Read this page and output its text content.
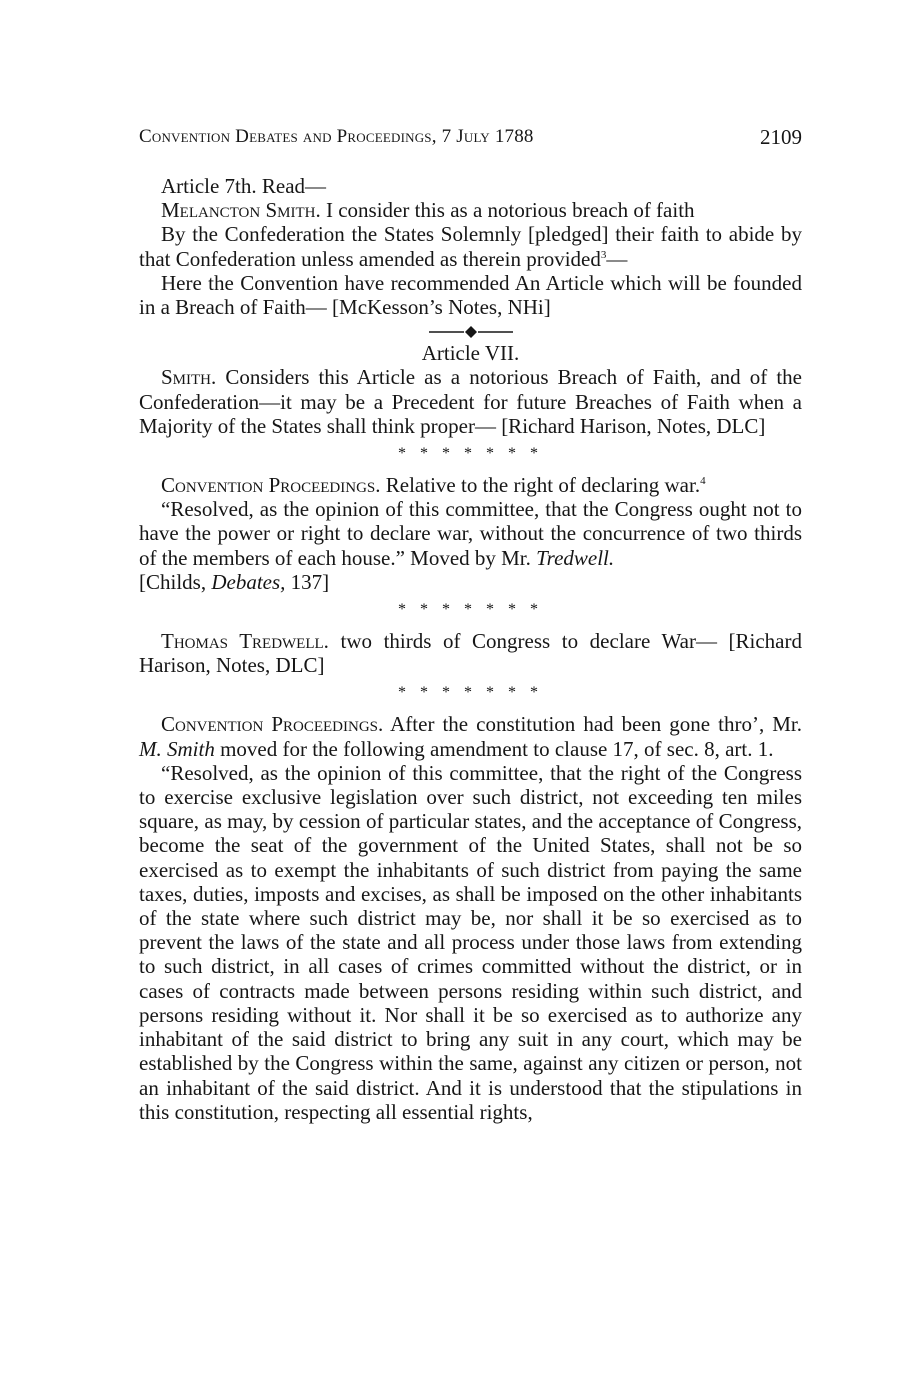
Convention Debates and Proceedings, 7 July 1788	2109

Article 7th. Read—

Melancton Smith. I consider this as a notorious breach of faith

By the Confederation the States Solemnly [pledged] their faith to abide by that Confederation unless amended as therein provided$^3$—

Here the Convention have recommended An Article which will be founded in a Breach of Faith— [McKesson’s Notes, NHi]

Article VII.

Smith. Considers this Article as a notorious Breach of Faith, and of the Confederation—it may be a Precedent for future Breaches of Faith when a Majority of the States shall think proper— [Richard Harison, Notes, DLC]

* * * * * * *

Convention Proceedings. Relative to the right of declaring war.$^4$

“Resolved, as the opinion of this committee, that the Congress ought not to have the power or right to declare war, without the concurrence of two thirds of the members of each house.” Moved by Mr. Tredwell.
[Childs, Debates, 137]

* * * * * * *

Thomas Tredwell. two thirds of Congress to declare War— [Richard Harison, Notes, DLC]

* * * * * * *

Convention Proceedings. After the constitution had been gone thro’, Mr. M. Smith moved for the following amendment to clause 17, of sec. 8, art. 1.

“Resolved, as the opinion of this committee, that the right of the Congress to exercise exclusive legislation over such district, not exceeding ten miles square, as may, by cession of particular states, and the acceptance of Congress, become the seat of the government of the United States, shall not be so exercised as to exempt the inhabitants of such district from paying the same taxes, duties, imposts and excises, as shall be imposed on the other inhabitants of the state where such district may be, nor shall it be so exercised as to prevent the laws of the state and all process under those laws from extending to such district, in all cases of crimes committed without the district, or in cases of contracts made between persons residing within such district, and persons residing without it. Nor shall it be so exercised as to authorize any inhabitant of the said district to bring any suit in any court, which may be established by the Congress within the same, against any citizen or person, not an inhabitant of the said district. And it is understood that the stipulations in this constitution, respecting all essential rights,
